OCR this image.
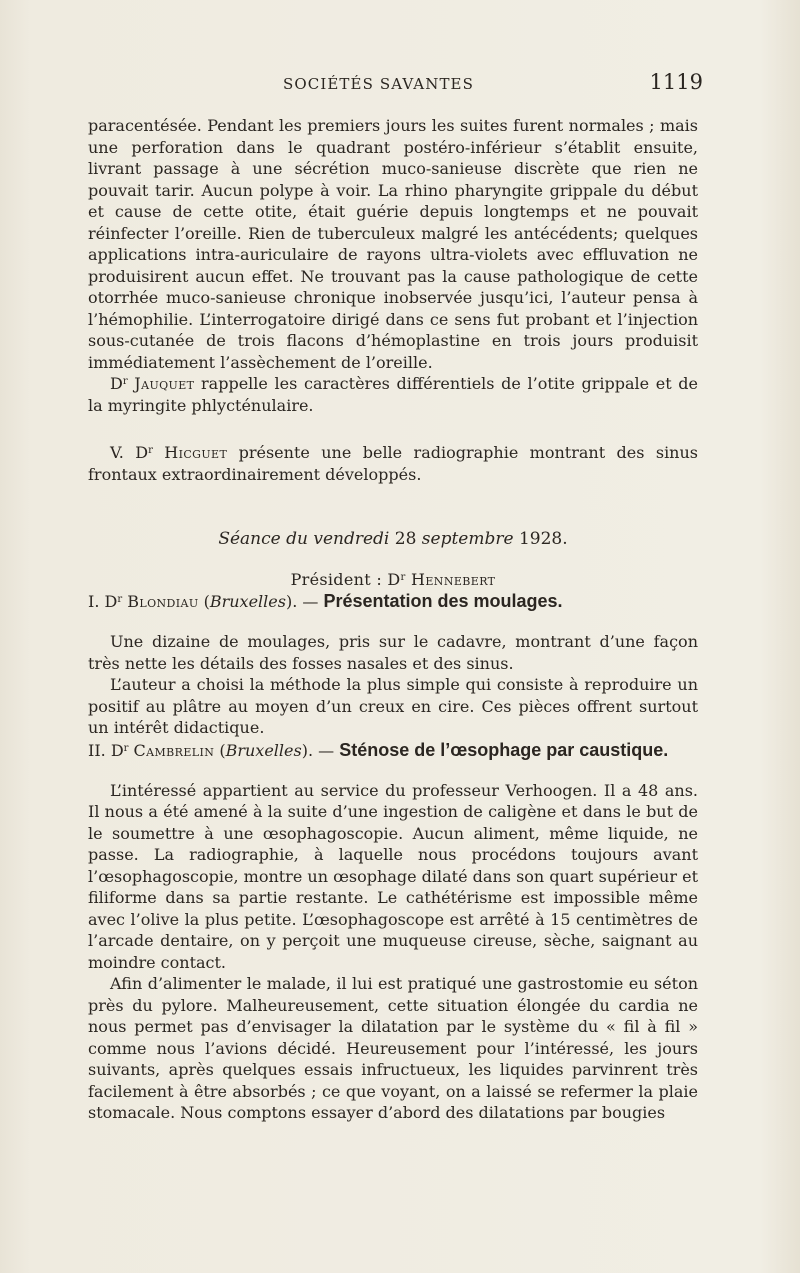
SOCIÉTÉS SAVANTES	1119

paracentésée. Pendant les premiers jours les suites furent normales ; mais une perforation dans le quadrant postéro-inférieur s’établit ensuite, livrant passage à une sécrétion muco-sanieuse discrète que rien ne pouvait tarir. Aucun polype à voir. La rhino pharyngite grippale du début et cause de cette otite, était guérie depuis longtemps et ne pouvait réinfecter l’oreille. Rien de tuberculeux malgré les antécédents; quelques applications intra-auriculaire de rayons ultra-violets avec effluvation ne produisirent aucun effet. Ne trouvant pas la cause pathologique de cette otorrhée muco-sanieuse chronique inobservée jusqu’ici, l’auteur pensa à l’hémophilie. L’interrogatoire dirigé dans ce sens fut probant et l’injection sous-cutanée de trois flacons d’hémoplastine en trois jours produisit immédiatement l’assèchement de l’oreille.

$D^r$ Jauquet rappelle les caractères différentiels de l’otite grippale et de la myringite phlycténulaire.

V. $D^r$ Hicguet présente une belle radiographie montrant des sinus frontaux extraordinairement développés.

Séance du vendredi 28 septembre 1928.

Président : $D^r$ Hennebert

I. $D^r$ Blondiau (Bruxelles). — Présentation des moulages.

Une dizaine de moulages, pris sur le cadavre, montrant d’une façon très nette les détails des fosses nasales et des sinus.

L’auteur a choisi la méthode la plus simple qui consiste à reproduire un positif au plâtre au moyen d’un creux en cire. Ces pièces offrent surtout un intérêt didactique.

II. $D^r$ Cambrelin (Bruxelles). — Sténose de l’œsophage par caustique.

L’intéressé appartient au service du professeur Verhoogen. Il a 48 ans. Il nous a été amené à la suite d’une ingestion de caligène et dans le but de le soumettre à une œsophagoscopie. Aucun aliment, même liquide, ne passe. La radiographie, à laquelle nous procédons toujours avant l’œsophagoscopie, montre un œsophage dilaté dans son quart supérieur et filiforme dans sa partie restante. Le cathétérisme est impossible même avec l’olive la plus petite. L’œsophagoscope est arrêté à 15 centimètres de l’arcade dentaire, on y perçoit une muqueuse cireuse, sèche, saignant au moindre contact.

Afin d’alimenter le malade, il lui est pratiqué une gastrostomie eu séton près du pylore. Malheureusement, cette situation élongée du cardia ne nous permet pas d’envisager la dilatation par le système du « fil à fil » comme nous l’avions décidé. Heureusement pour l’intéressé, les jours suivants, après quelques essais infructueux, les liquides parvinrent très facilement à être absorbés ; ce que voyant, on a laissé se refermer la plaie stomacale. Nous comptons essayer d’abord des dilatations par bougies
